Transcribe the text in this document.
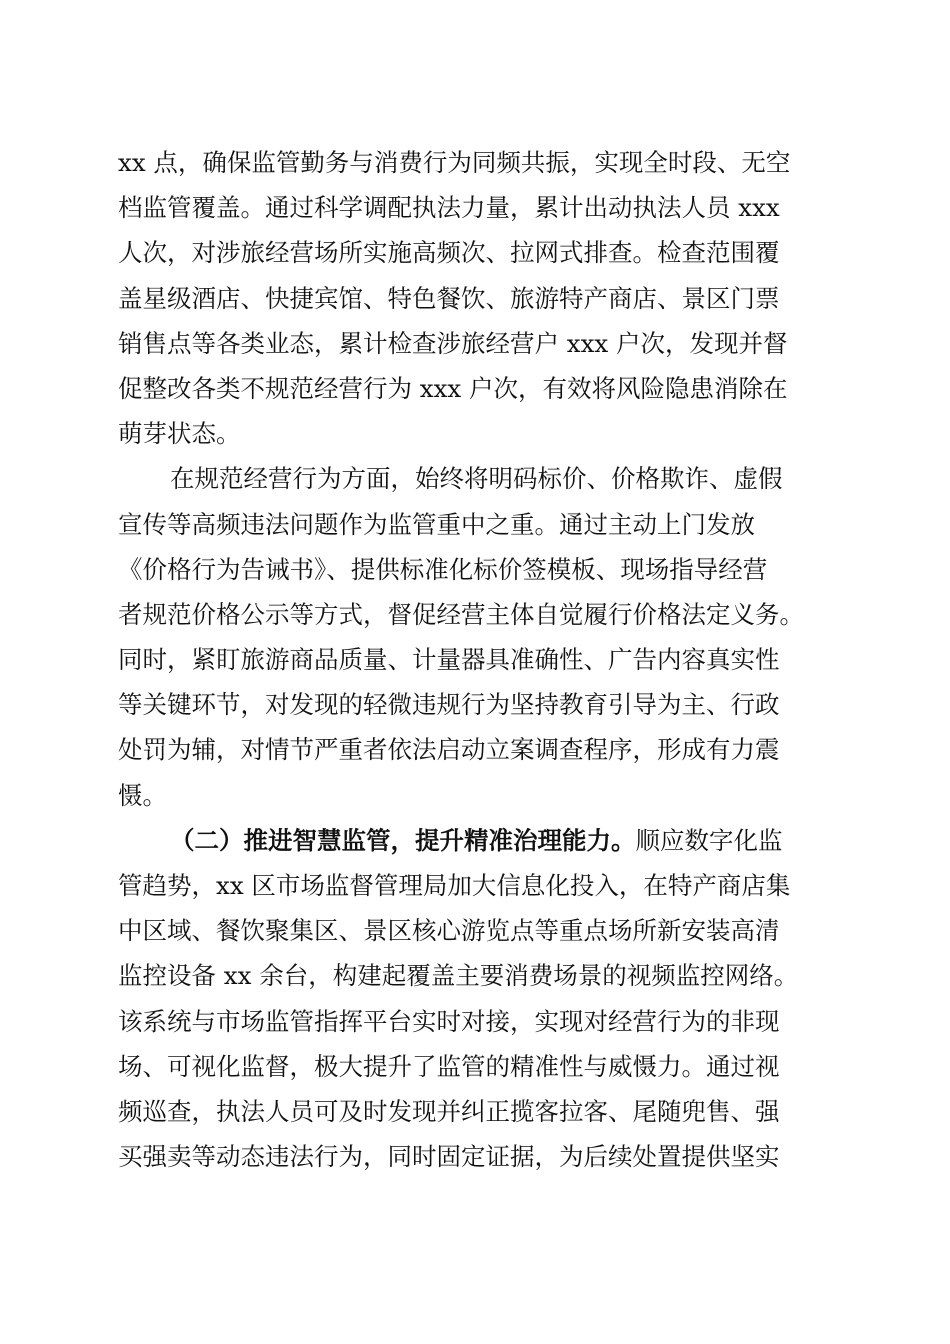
xx 点，确保监管勤务与消费行为同频共振，实现全时段、无空
档监管覆盖。通过科学调配执法力量，累计出动执法人员 xxx
人次，对涉旅经营场所实施高频次、拉网式排查。检查范围覆
盖星级酒店、快捷宾馆、特色餐饮、旅游特产商店、景区门票
销售点等各类业态，累计检查涉旅经营户 xxx 户次，发现并督
促整改各类不规范经营行为 xxx 户次，有效将风险隐患消除在
萌芽状态。
在规范经营行为方面，始终将明码标价、价格欺诈、虚假
宣传等高频违法问题作为监管重中之重。通过主动上门发放
《价格行为告诫书》、提供标准化标价签模板、现场指导经营
者规范价格公示等方式，督促经营主体自觉履行价格法定义务。
同时，紧盯旅游商品质量、计量器具准确性、广告内容真实性
等关键环节，对发现的轻微违规行为坚持教育引导为主、行政
处罚为辅，对情节严重者依法启动立案调查程序，形成有力震
慑。
（二）推进智慧监管，提升精准治理能力。顺应数字化监
管趋势，xx 区市场监督管理局加大信息化投入，在特产商店集
中区域、餐饮聚集区、景区核心游览点等重点场所新安装高清
监控设备 xx 余台，构建起覆盖主要消费场景的视频监控网络。
该系统与市场监管指挥平台实时对接，实现对经营行为的非现
场、可视化监督，极大提升了监管的精准性与威慑力。通过视
频巡查，执法人员可及时发现并纠正揽客拉客、尾随兜售、强
买强卖等动态违法行为，同时固定证据，为后续处置提供坚实
